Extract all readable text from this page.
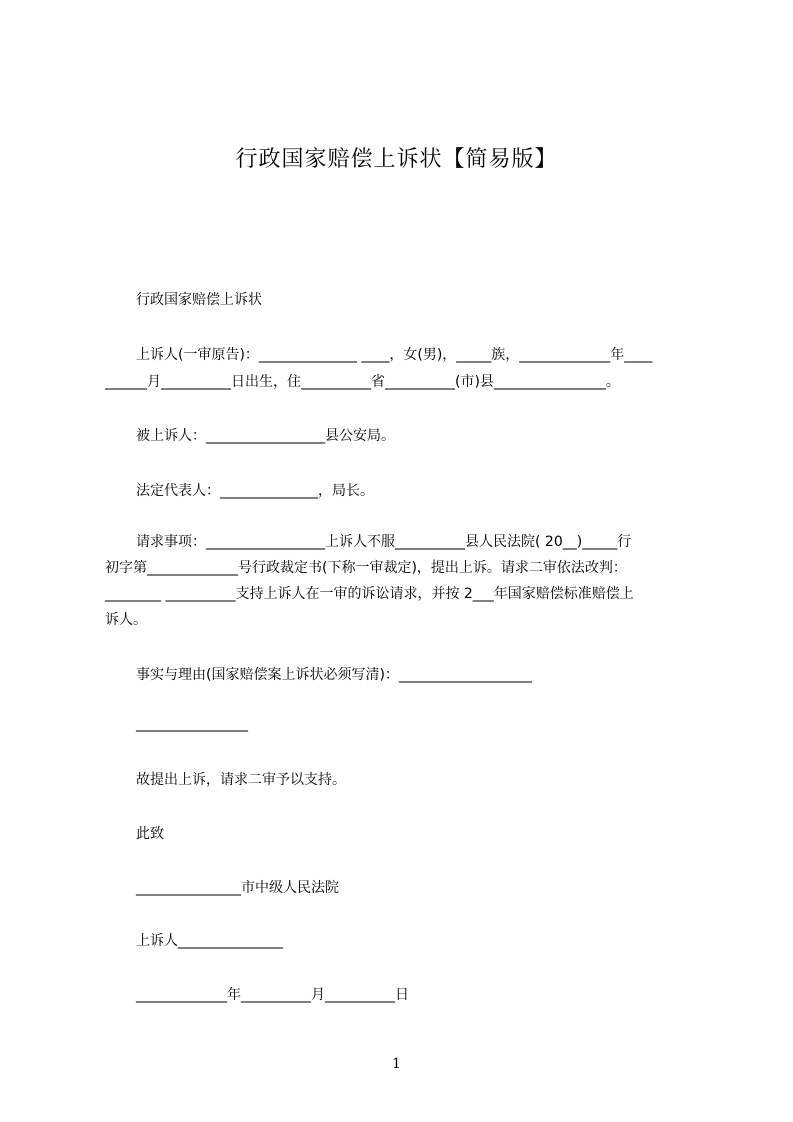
行政国家赔偿上诉状【简易版】
行政国家赔偿上诉状
上诉人(一审原告)：______________ ____，女(男)，_____族，_____________年____
______月__________日出生，住__________省__________(市)县________________。
被上诉人：_________________县公安局。
法定代表人：______________，局长。
请求事项：_________________上诉人不服__________县人民法院( 20__)_____行
初字第_____________号行政裁定书(下称一审裁定)，提出上诉。请求二审依法改判：
________ __________支持上诉人在一审的诉讼请求，并按 2___年国家赔偿标准赔偿上
诉人。
事实与理由(国家赔偿案上诉状必须写清)：___________________
________________
故提出上诉，请求二审予以支持。
此致
_______________市中级人民法院
上诉人_______________
_____________年__________月__________日
1
